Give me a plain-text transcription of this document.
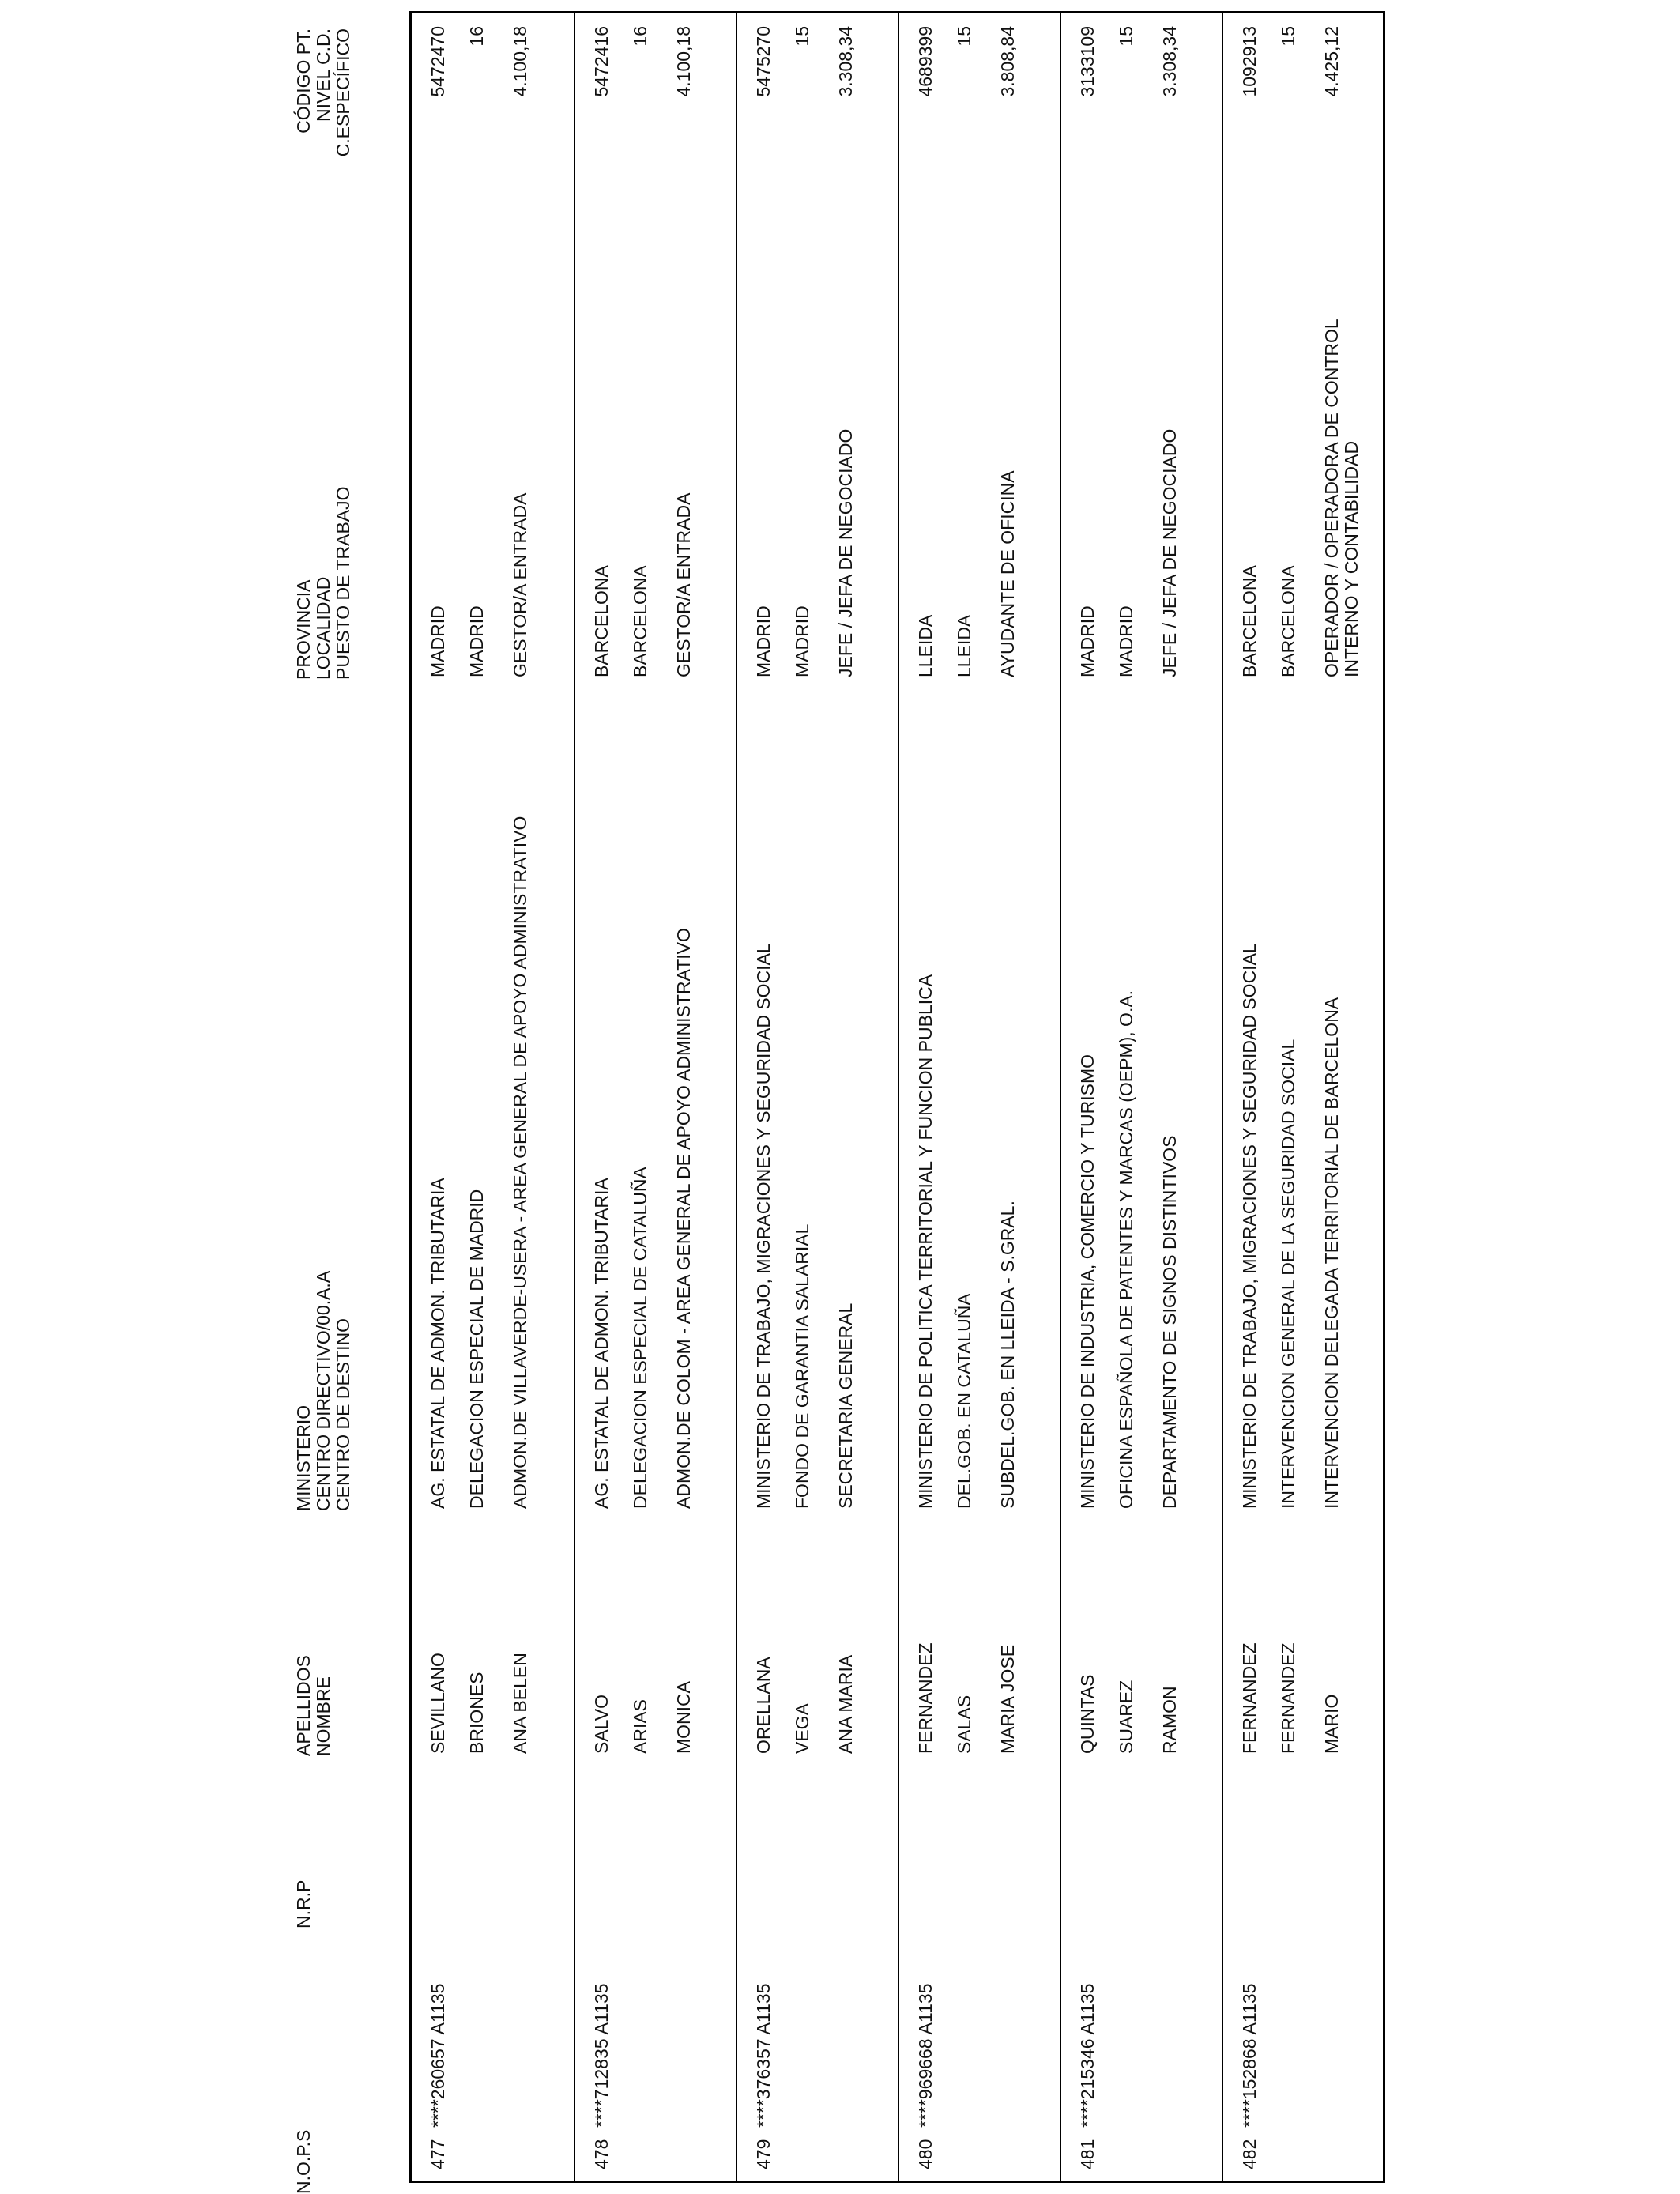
N.O.P.S
N.R.P
APELLIDOS NOMBRE
MINISTERIO CENTRO DIRECTIVO/00.A.A CENTRO DE DESTINO
PROVINCIA LOCALIDAD PUESTO DE TRABAJO
CÓDIGO PT. NIVEL C.D. C.ESPECÍFICO
477
****260657 A1135
SEVILLANO BRIONES ANA BELEN
AG. ESTATAL DE ADMON. TRIBUTARIA DELEGACION ESPECIAL DE MADRID ADMON.DE VILLAVERDE-USERA - AREA GENERAL DE APOYO ADMINISTRATIVO
MADRID MADRID GESTOR/A ENTRADA
5472470 16 4.100,18
478
****712835 A1135
SALVO ARIAS MONICA
AG. ESTATAL DE ADMON. TRIBUTARIA DELEGACION ESPECIAL DE CATALUÑA ADMON.DE COLOM - AREA GENERAL DE APOYO ADMINISTRATIVO
BARCELONA BARCELONA GESTOR/A ENTRADA
5472416 16 4.100,18
479
****376357 A1135
ORELLANA VEGA ANA MARIA
MINISTERIO DE TRABAJO, MIGRACIONES Y SEGURIDAD SOCIAL FONDO DE GARANTIA SALARIAL SECRETARIA GENERAL
MADRID MADRID JEFE / JEFA DE NEGOCIADO
5475270 15 3.308,34
480
****969668 A1135
FERNANDEZ SALAS MARIA JOSE
MINISTERIO DE POLITICA TERRITORIAL Y FUNCION PUBLICA DEL.GOB. EN CATALUÑA SUBDEL.GOB. EN LLEIDA - S.GRAL.
LLEIDA LLEIDA AYUDANTE DE OFICINA
4689399 15 3.808,84
481
****215346 A1135
QUINTAS SUAREZ RAMON
MINISTERIO DE INDUSTRIA, COMERCIO Y TURISMO OFICINA ESPAÑOLA DE PATENTES Y MARCAS (OEPM), O.A. DEPARTAMENTO DE SIGNOS DISTINTIVOS
MADRID MADRID JEFE / JEFA DE NEGOCIADO
3133109 15 3.308,34
482
****152868 A1135
FERNANDEZ FERNANDEZ MARIO
MINISTERIO DE TRABAJO, MIGRACIONES Y SEGURIDAD SOCIAL INTERVENCION GENERAL DE LA SEGURIDAD SOCIAL INTERVENCION DELEGADA TERRITORIAL DE BARCELONA
BARCELONA BARCELONA OPERADOR / OPERADORA DE CONTROL INTERNO Y CONTABILIDAD
1092913 15 4.425,12
